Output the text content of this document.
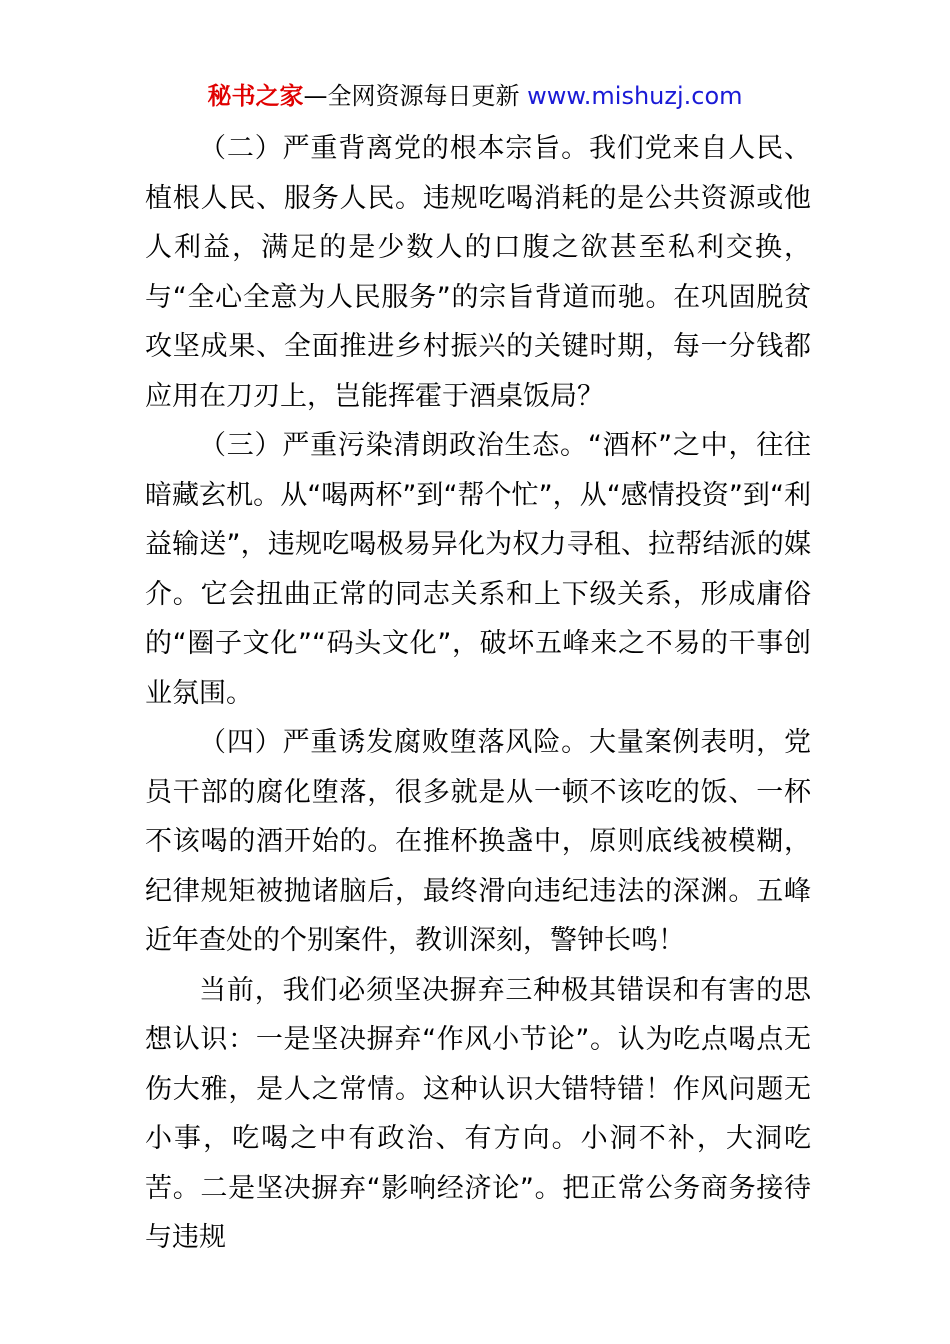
秘书之家—全网资源每日更新 www.mishuzj.com

（二）严重背离党的根本宗旨。我们党来自人民、植根人民、服务人民。违规吃喝消耗的是公共资源或他人利益，满足的是少数人的口腹之欲甚至私利交换，与“全心全意为人民服务”的宗旨背道而驰。在巩固脱贫攻坚成果、全面推进乡村振兴的关键时期，每一分钱都应用在刀刃上，岂能挥霍于酒桌饭局？

（三）严重污染清朗政治生态。“酒杯”之中，往往暗藏玄机。从“喝两杯”到“帮个忙”，从“感情投资”到“利益输送”，违规吃喝极易异化为权力寻租、拉帮结派的媒介。它会扭曲正常的同志关系和上下级关系，形成庸俗的“圈子文化”“码头文化”，破坏五峰来之不易的干事创业氛围。

（四）严重诱发腐败堕落风险。大量案例表明，党员干部的腐化堕落，很多就是从一顿不该吃的饭、一杯不该喝的酒开始的。在推杯换盏中，原则底线被模糊，纪律规矩被抛诸脑后，最终滑向违纪违法的深渊。五峰近年查处的个别案件，教训深刻，警钟长鸣！

当前，我们必须坚决摒弃三种极其错误和有害的思想认识：一是坚决摒弃“作风小节论”。认为吃点喝点无伤大雅，是人之常情。这种认识大错特错！作风问题无小事，吃喝之中有政治、有方向。小洞不补，大洞吃苦。二是坚决摒弃“影响经济论”。把正常公务商务接待与违规
